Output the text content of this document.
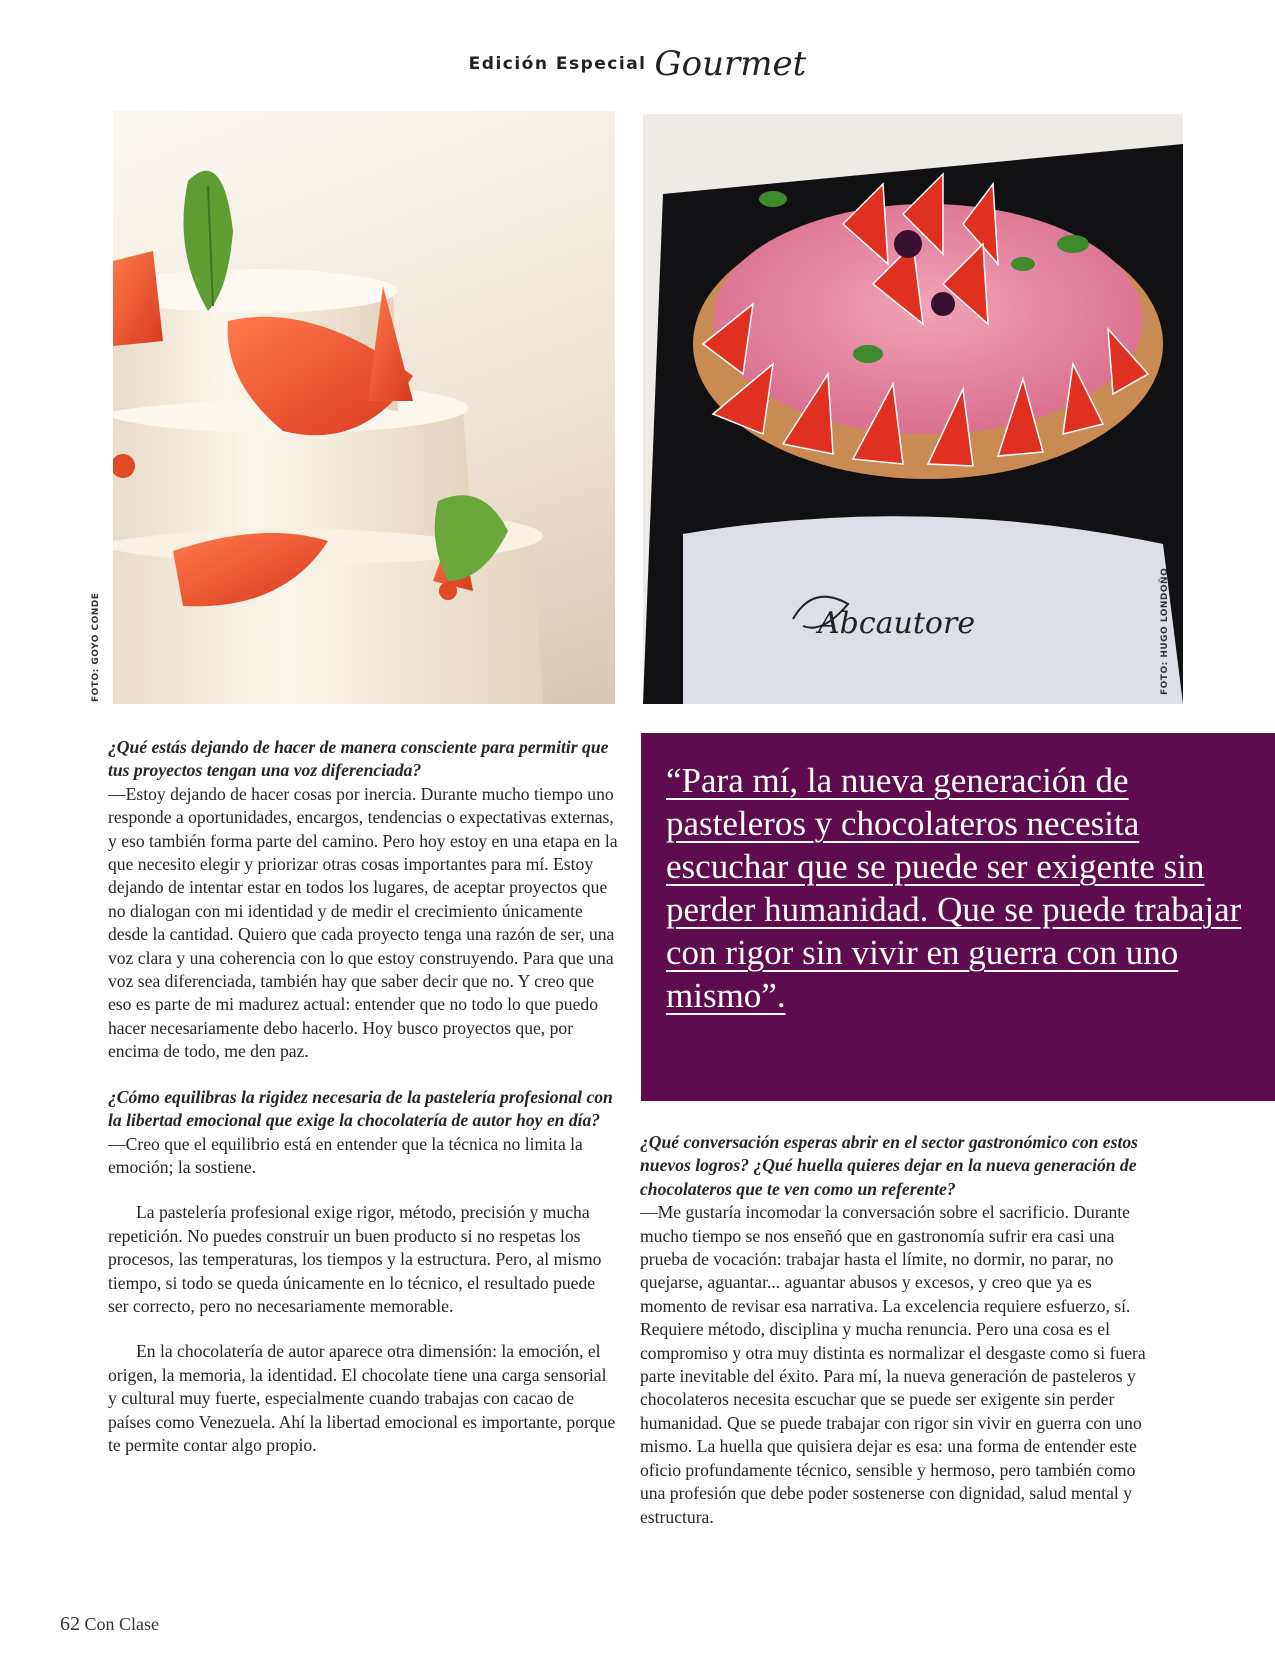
Edición Especial Gourmet
FOTO: GOYO CONDE	Abcautore	FOTO: HUGO LONDOÑO

¿Qué estás dejando de hacer de manera consciente para permitir que tus proyectos tengan una voz diferenciada?

—Estoy dejando de hacer cosas por inercia. Durante mucho tiempo uno responde a oportunidades, encargos, tendencias o expectativas externas, y eso también forma parte del camino. Pero hoy estoy en una etapa en la que necesito elegir y priorizar otras cosas importantes para mí. Estoy dejando de intentar estar en todos los lugares, de aceptar proyectos que no dialogan con mi identidad y de medir el crecimiento únicamente desde la cantidad. Quiero que cada proyecto tenga una razón de ser, una voz clara y una coherencia con lo que estoy construyendo. Para que una voz sea diferenciada, también hay que saber decir que no. Y creo que eso es parte de mi madurez actual: entender que no todo lo que puedo hacer necesariamente debo hacerlo. Hoy busco proyectos que, por encima de todo, me den paz.

¿Cómo equilibras la rigidez necesaria de la pastelería profesional con la libertad emocional que exige la chocolatería de autor hoy en día?

—Creo que el equilibrio está en entender que la técnica no limita la emoción; la sostiene.

La pastelería profesional exige rigor, método, precisión y mucha repetición. No puedes construir un buen producto si no respetas los procesos, las temperaturas, los tiempos y la estructura. Pero, al mismo tiempo, si todo se queda únicamente en lo técnico, el resultado puede ser correcto, pero no necesariamente memorable.

En la chocolatería de autor aparece otra dimensión: la emoción, el origen, la memoria, la identidad. El chocolate tiene una carga sensorial y cultural muy fuerte, especialmente cuando trabajas con cacao de países como Venezuela. Ahí la libertad emocional es importante, porque te permite contar algo propio.

“Para mí, la nueva generación de pasteleros y chocolateros necesita escuchar que se puede ser exigente sin perder humanidad. Que se puede trabajar con rigor sin vivir en guerra con uno mismo”.

¿Qué conversación esperas abrir en el sector gastronómico con estos nuevos logros? ¿Qué huella quieres dejar en la nueva generación de chocolateros que te ven como un referente?

—Me gustaría incomodar la conversación sobre el sacrificio. Durante mucho tiempo se nos enseñó que en gastronomía sufrir era casi una prueba de vocación: trabajar hasta el límite, no dormir, no parar, no quejarse, aguantar... aguantar abusos y excesos, y creo que ya es momento de revisar esa narrativa. La excelencia requiere esfuerzo, sí. Requiere método, disciplina y mucha renuncia. Pero una cosa es el compromiso y otra muy distinta es normalizar el desgaste como si fuera parte inevitable del éxito. Para mí, la nueva generación de pasteleros y chocolateros necesita escuchar que se puede ser exigente sin perder humanidad. Que se puede trabajar con rigor sin vivir en guerra con uno mismo. La huella que quisiera dejar es esa: una forma de entender este oficio profundamente técnico, sensible y hermoso, pero también como una profesión que debe poder sostenerse con dignidad, salud mental y estructura.

62 Con Clase
